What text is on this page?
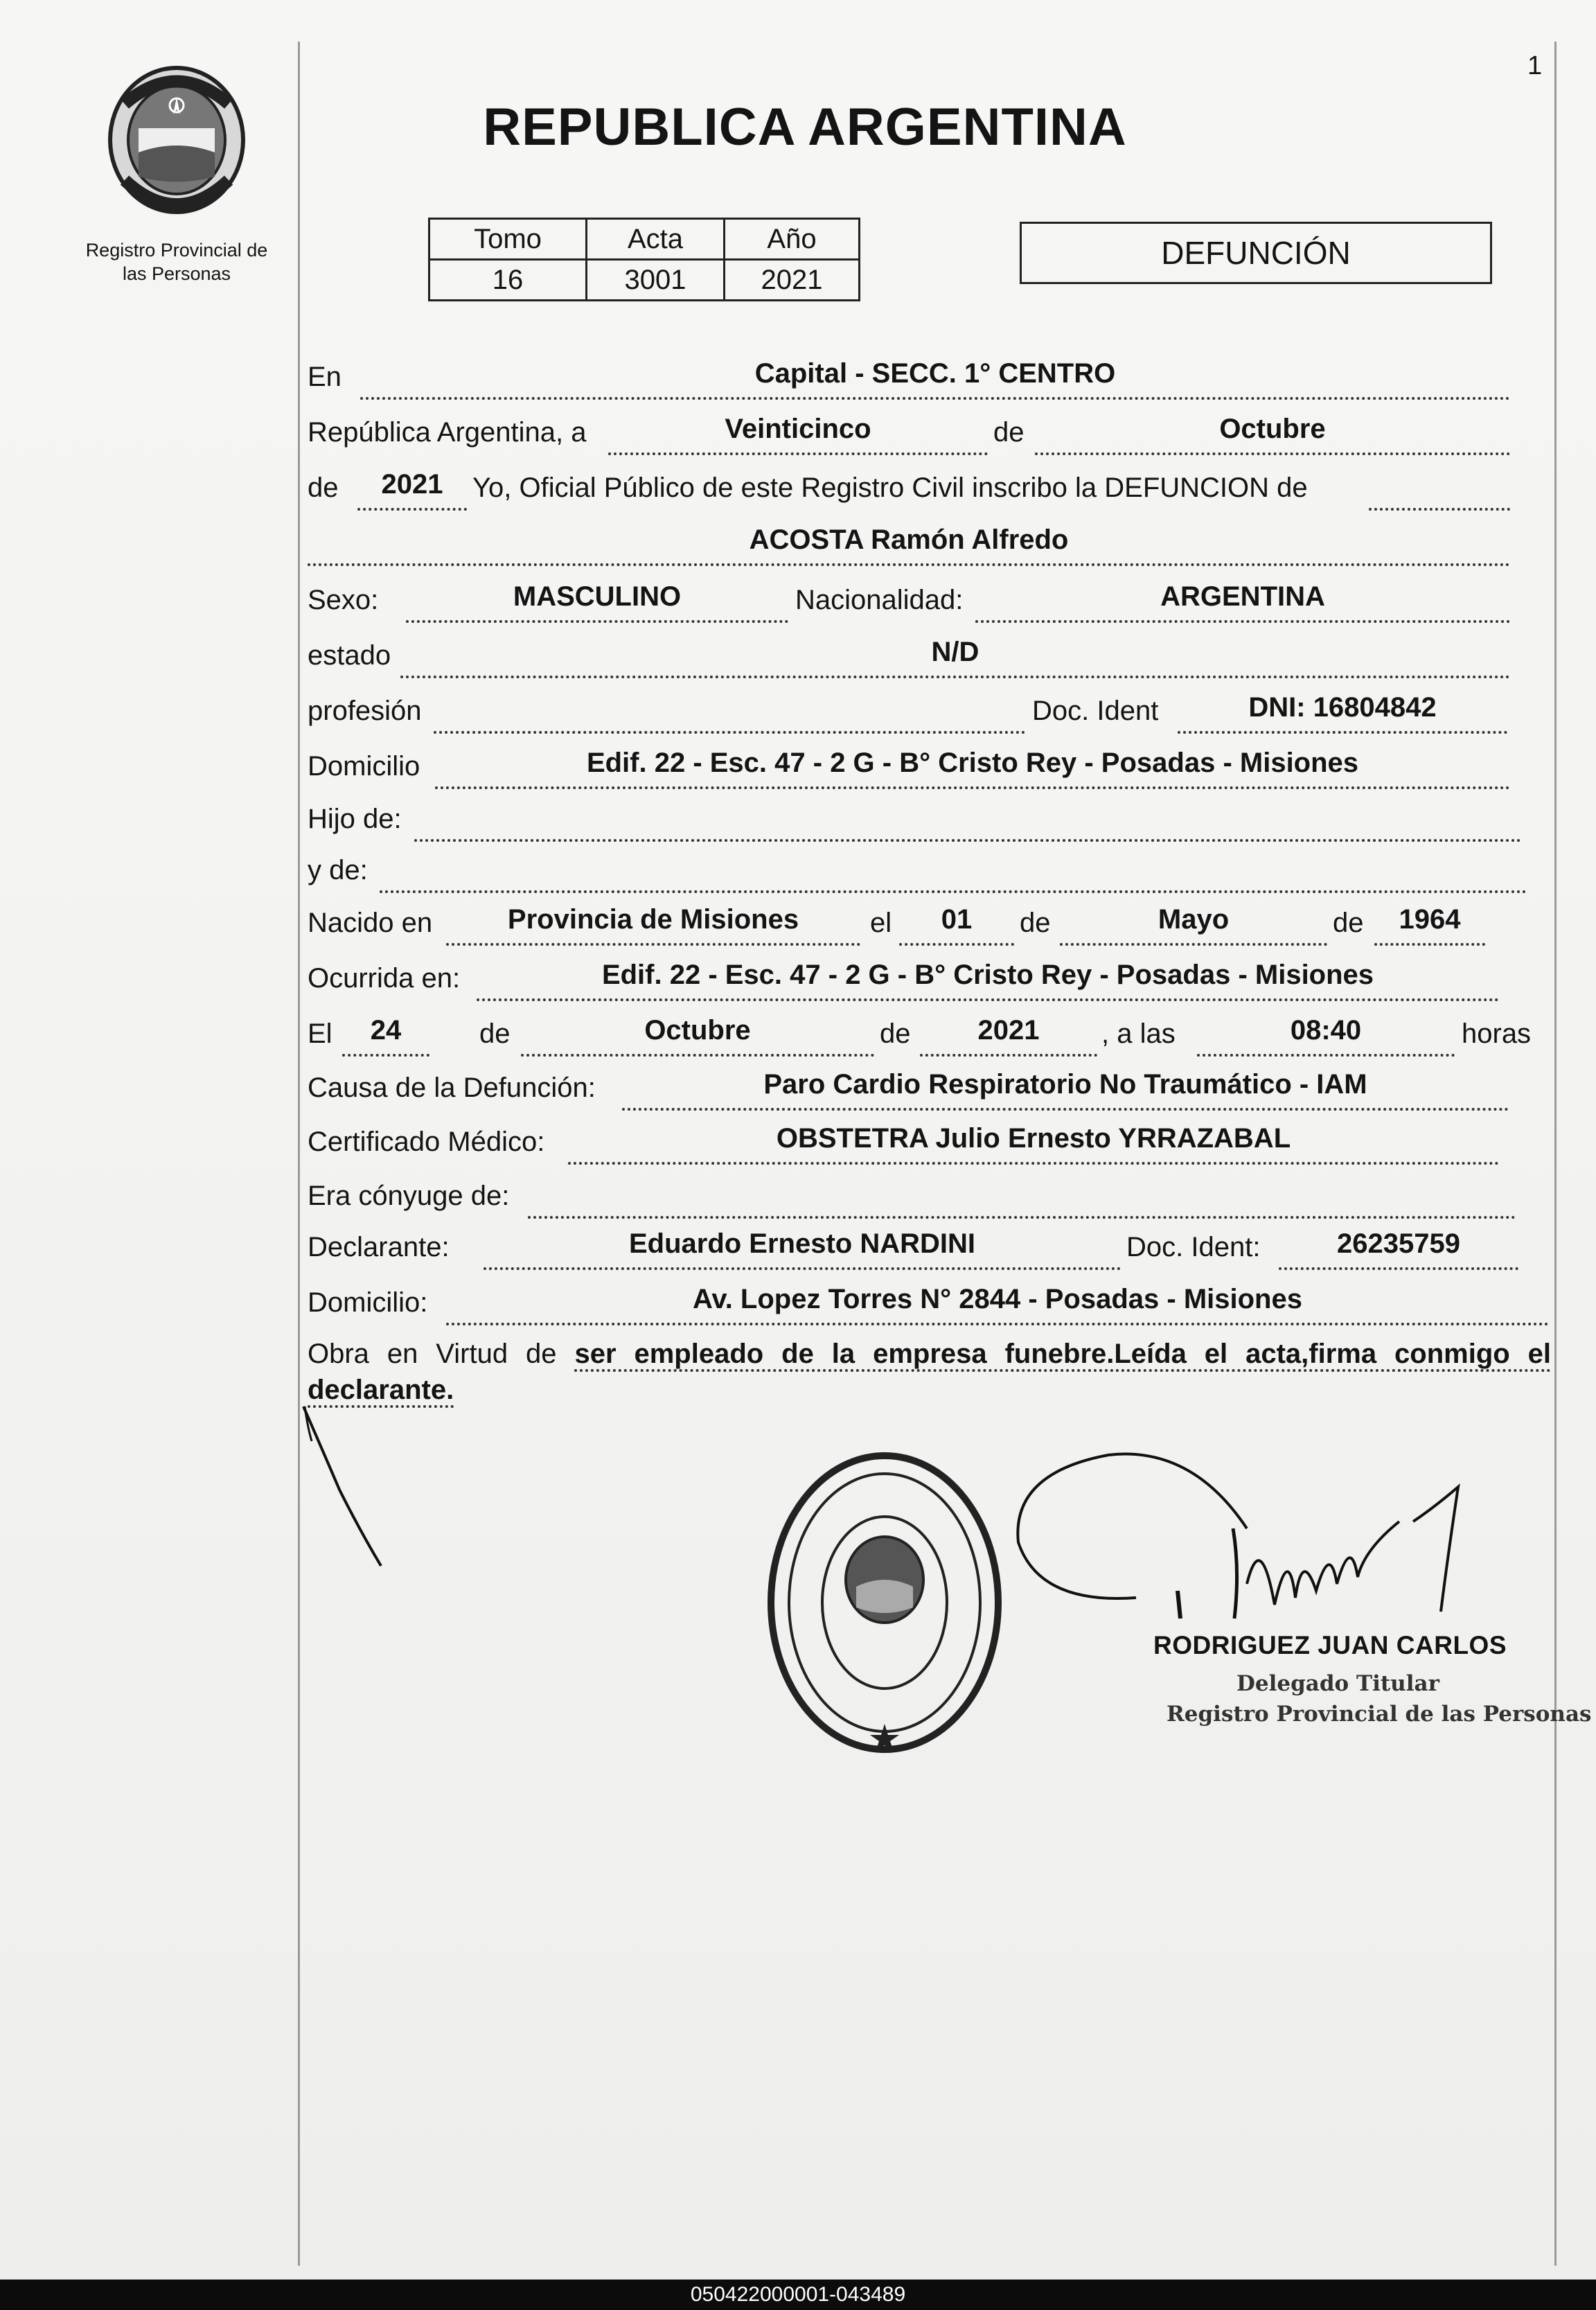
1
Registro Provincial de
las Personas
REPUBLICA ARGENTINA
Tomo	Acta	Año
16	3001	2021
DEFUNCIÓN
En	Capital - SECC. 1° CENTRO
República Argentina, a	Veinticinco	de	Octubre
de	2021	Yo, Oficial Público de este Registro Civil inscribo la DEFUNCION de
ACOSTA Ramón Alfredo
Sexo:	MASCULINO	Nacionalidad:	ARGENTINA
estado	N/D
profesión	Doc. Ident	DNI: 16804842
Domicilio	Edif. 22 - Esc. 47 - 2 G - B° Cristo Rey - Posadas - Misiones
Hijo de:
y de:
Nacido en	Provincia de Misiones	el	01	de	Mayo	de	1964
Ocurrida en:	Edif. 22 - Esc. 47 - 2 G - B° Cristo Rey - Posadas - Misiones
El	24	de	Octubre	de	2021	, a las	08:40	horas
Causa de la Defunción:	Paro Cardio Respiratorio No Traumático - IAM
Certificado Médico:	OBSTETRA Julio Ernesto YRRAZABAL
Era cónyuge de:
Declarante:	Eduardo Ernesto NARDINI	Doc. Ident:	26235759
Domicilio:	Av. Lopez Torres N° 2844 - Posadas - Misiones
Obra en Virtud de ser empleado de la empresa funebre.Leída el acta,firma conmigo el declarante.
RODRIGUEZ JUAN CARLOS
Delegado Titular
Registro Provincial de las Personas
050422000001-043489
